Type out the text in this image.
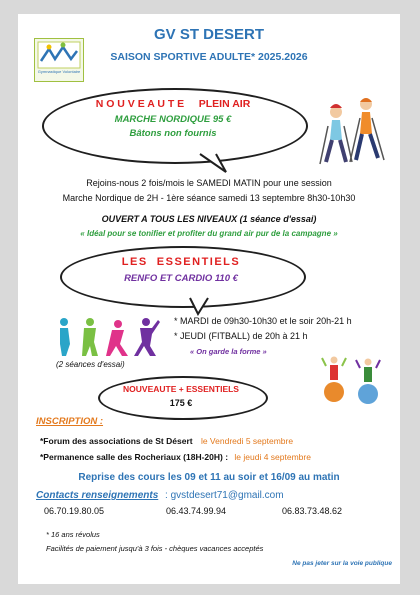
Gymnastique Volontaire
GV ST DESERT
SAISON SPORTIVE ADULTE* 2025.2026
N O U V E A U T E     PLEIN AIR
MARCHE NORDIQUE 95 €
Bâtons non fournis
Rejoins-nous 2 fois/mois le SAMEDI MATIN pour une session
Marche Nordique de 2H - 1ère séance samedi 13 septembre 8h30-10h30
OUVERT A TOUS LES NIVEAUX (1 séance d'essai)
« Idéal pour se tonifier et profiter du grand air pur de la campagne »
LES  ESSENTIELS
RENFO ET CARDIO 110 €
* MARDI de 09h30-10h30 et le soir 20h-21 h
* JEUDI (FITBALL) de 20h à 21 h
« On garde la forme »
(2 séances d'essai)
NOUVEAUTE + ESSENTIELS
175 €
INSCRIPTION :
*Forum des associations de St Désert le Vendredi 5 septembre
*Permanence salle des Rocheriaux (18H-20H) : le jeudi 4 septembre
Reprise des cours les 09 et 11 au soir et 16/09 au matin
Contacts renseignements : gvstdesert71@gmail.com
06.70.19.80.05	06.43.74.99.94	06.83.73.48.62
* 16 ans révolus
Facilités de paiement jusqu'à 3 fois - chèques vacances acceptés
Ne pas jeter sur la voie publique
